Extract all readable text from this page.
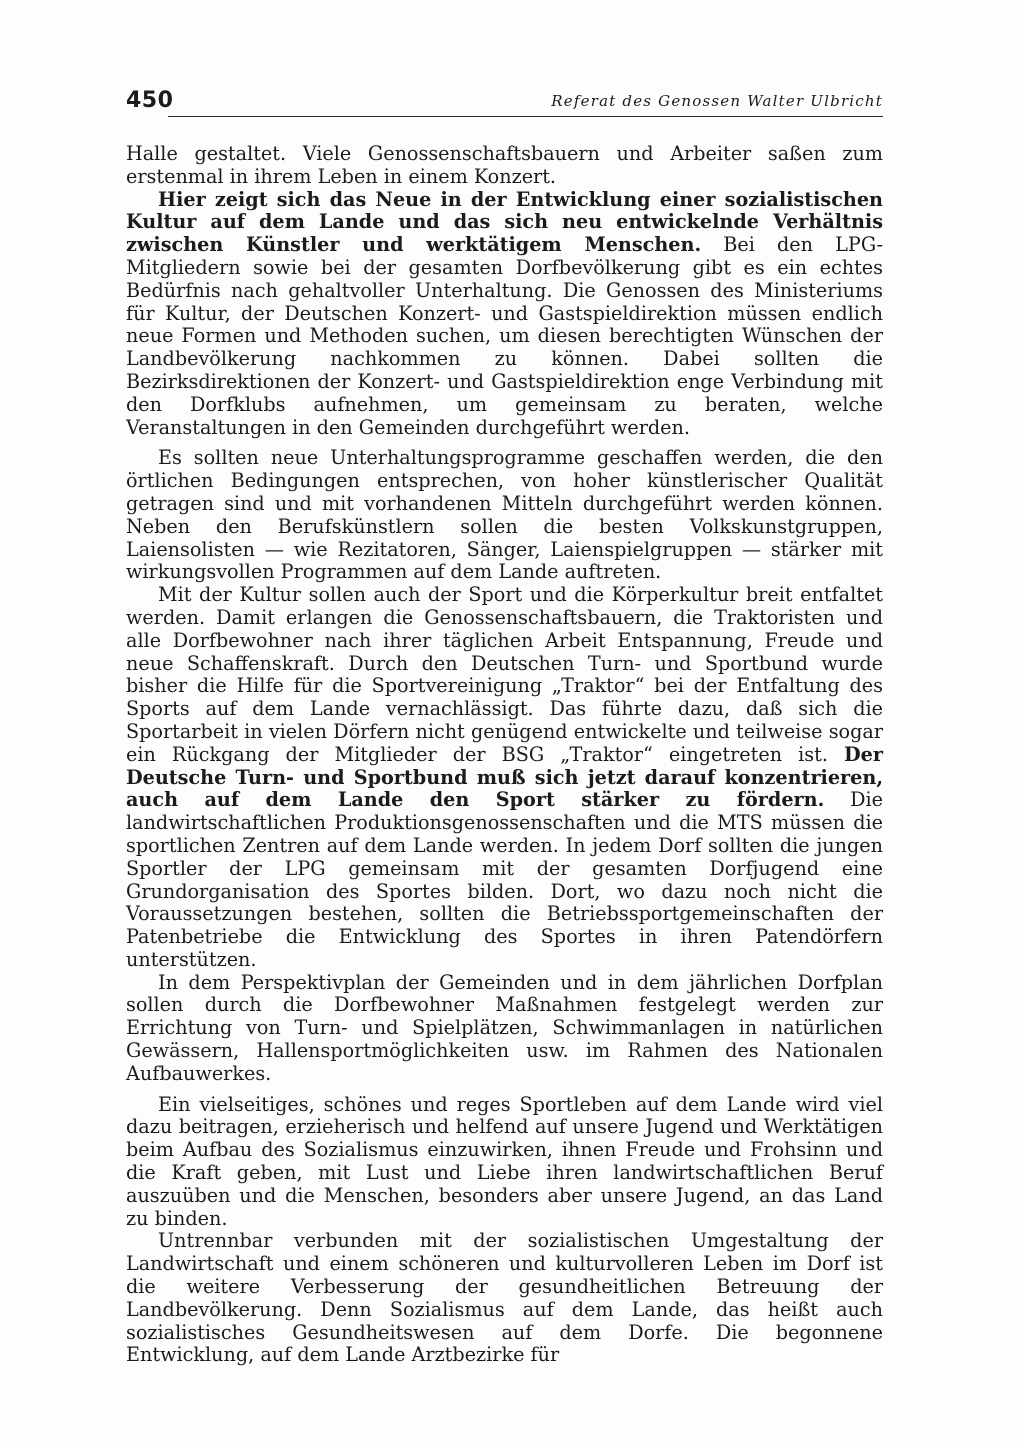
450	Referat des Genossen Walter Ulbricht

Halle gestaltet. Viele Genossenschaftsbauern und Arbeiter saßen zum erstenmal in ihrem Leben in einem Konzert.

Hier zeigt sich das Neue in der Entwicklung einer sozialistischen Kultur auf dem Lande und das sich neu entwickelnde Verhältnis zwischen Künstler und werktätigem Menschen. Bei den LPG-Mitgliedern sowie bei der gesamten Dorfbevölkerung gibt es ein echtes Bedürfnis nach gehaltvoller Unterhaltung. Die Genossen des Ministeriums für Kultur, der Deutschen Konzert- und Gastspieldirektion müssen endlich neue Formen und Methoden suchen, um diesen berechtigten Wünschen der Landbevölkerung nachkommen zu können. Dabei sollten die Bezirksdirektionen der Konzert- und Gastspieldirektion enge Verbindung mit den Dorfklubs aufnehmen, um gemeinsam zu beraten, welche Veranstaltungen in den Gemeinden durchgeführt werden.

Es sollten neue Unterhaltungsprogramme geschaffen werden, die den örtlichen Bedingungen entsprechen, von hoher künstlerischer Qualität getragen sind und mit vorhandenen Mitteln durchgeführt werden können. Neben den Berufskünstlern sollen die besten Volkskunstgruppen, Laiensolisten — wie Rezitatoren, Sänger, Laienspielgruppen — stärker mit wirkungsvollen Programmen auf dem Lande auftreten.

Mit der Kultur sollen auch der Sport und die Körperkultur breit entfaltet werden. Damit erlangen die Genossenschaftsbauern, die Traktoristen und alle Dorfbewohner nach ihrer täglichen Arbeit Entspannung, Freude und neue Schaffenskraft. Durch den Deutschen Turn- und Sportbund wurde bisher die Hilfe für die Sportvereinigung „Traktor“ bei der Entfaltung des Sports auf dem Lande vernachlässigt. Das führte dazu, daß sich die Sportarbeit in vielen Dörfern nicht genügend entwickelte und teilweise sogar ein Rückgang der Mitglieder der BSG „Traktor“ eingetreten ist. Der Deutsche Turn- und Sportbund muß sich jetzt darauf konzentrieren, auch auf dem Lande den Sport stärker zu fördern. Die landwirtschaftlichen Produktionsgenossenschaften und die MTS müssen die sportlichen Zentren auf dem Lande werden. In jedem Dorf sollten die jungen Sportler der LPG gemeinsam mit der gesamten Dorfjugend eine Grundorganisation des Sportes bilden. Dort, wo dazu noch nicht die Voraussetzungen bestehen, sollten die Betriebssportgemeinschaften der Patenbetriebe die Entwicklung des Sportes in ihren Patendörfern unterstützen.

In dem Perspektivplan der Gemeinden und in dem jährlichen Dorfplan sollen durch die Dorfbewohner Maßnahmen festgelegt werden zur Errichtung von Turn- und Spielplätzen, Schwimmanlagen in natürlichen Gewässern, Hallensportmöglichkeiten usw. im Rahmen des Nationalen Aufbauwerkes.

Ein vielseitiges, schönes und reges Sportleben auf dem Lande wird viel dazu beitragen, erzieherisch und helfend auf unsere Jugend und Werktätigen beim Aufbau des Sozialismus einzuwirken, ihnen Freude und Frohsinn und die Kraft geben, mit Lust und Liebe ihren landwirtschaftlichen Beruf auszuüben und die Menschen, besonders aber unsere Jugend, an das Land zu binden.

Untrennbar verbunden mit der sozialistischen Umgestaltung der Landwirtschaft und einem schöneren und kulturvolleren Leben im Dorf ist die weitere Verbesserung der gesundheitlichen Betreuung der Landbevölkerung. Denn Sozialismus auf dem Lande, das heißt auch sozialistisches Gesundheitswesen auf dem Dorfe. Die begonnene Entwicklung, auf dem Lande Arztbezirke für
